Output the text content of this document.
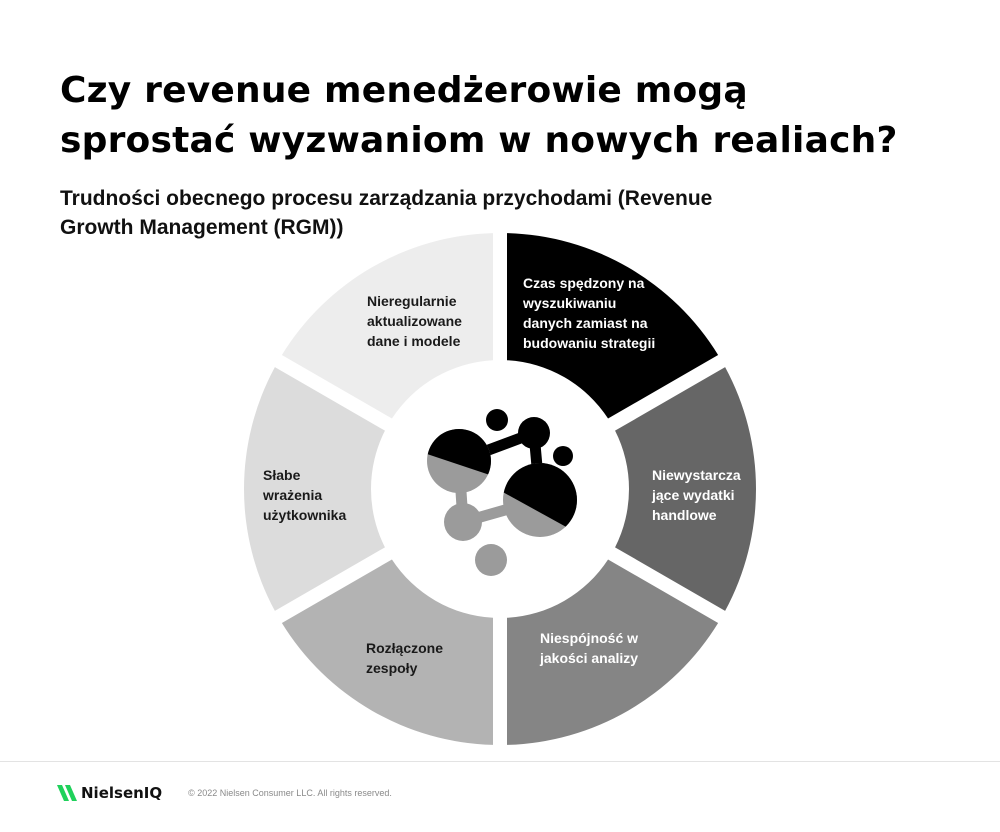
Czy revenue menedżerowie mogą
sprostać wyzwaniom w nowych realiach?
Trudności obecnego procesu zarządzania przychodami (Revenue
Growth Management (RGM))
Czas spędzony na wyszukiwaniu danych zamiast na budowaniu strategii
Niewystarcza jące wydatki handlowe
Niespójność w jakości analizy
Rozłączone zespoły
Słabe wrażenia użytkownika
Nieregularnie aktualizowane dane i modele
NielsenIQ	© 2022 Nielsen Consumer LLC. All rights reserved.
